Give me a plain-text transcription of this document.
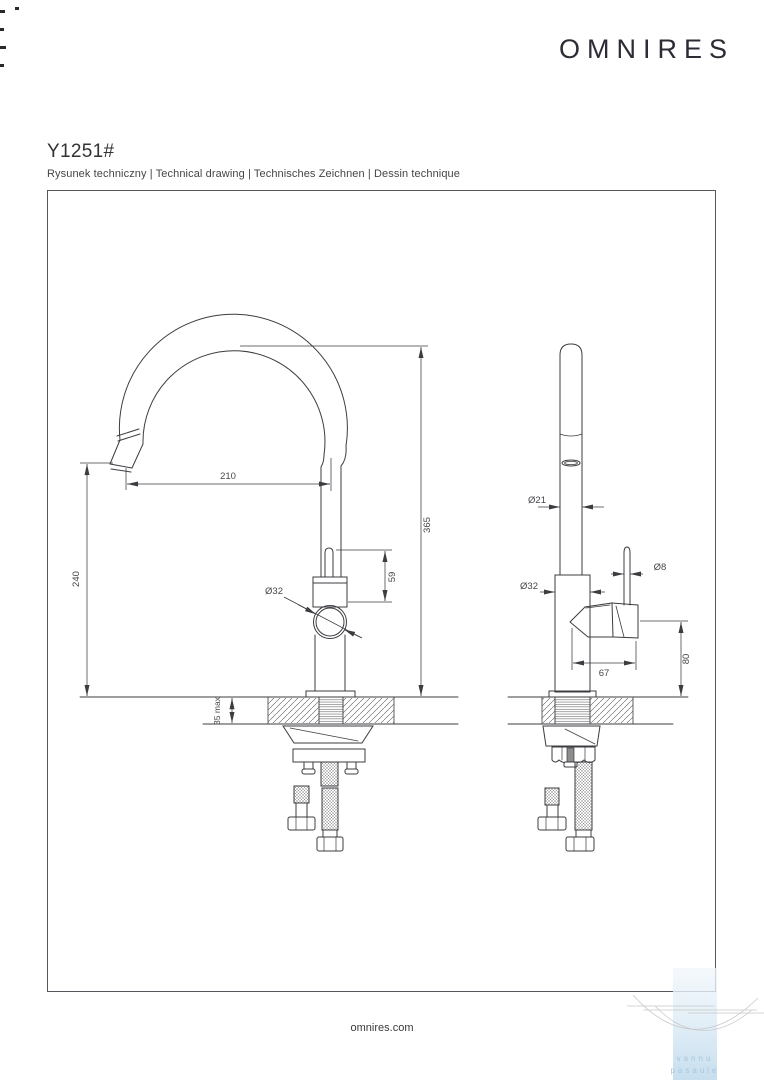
OMNIRES
Y1251#
Rysunek techniczny | Technical drawing | Technisches Zeichnen | Dessin technique
210
365
240	59
Ø32
35 max
Ø21
Ø32
Ø8
67
80
vannu
pasaule
omnires.com
